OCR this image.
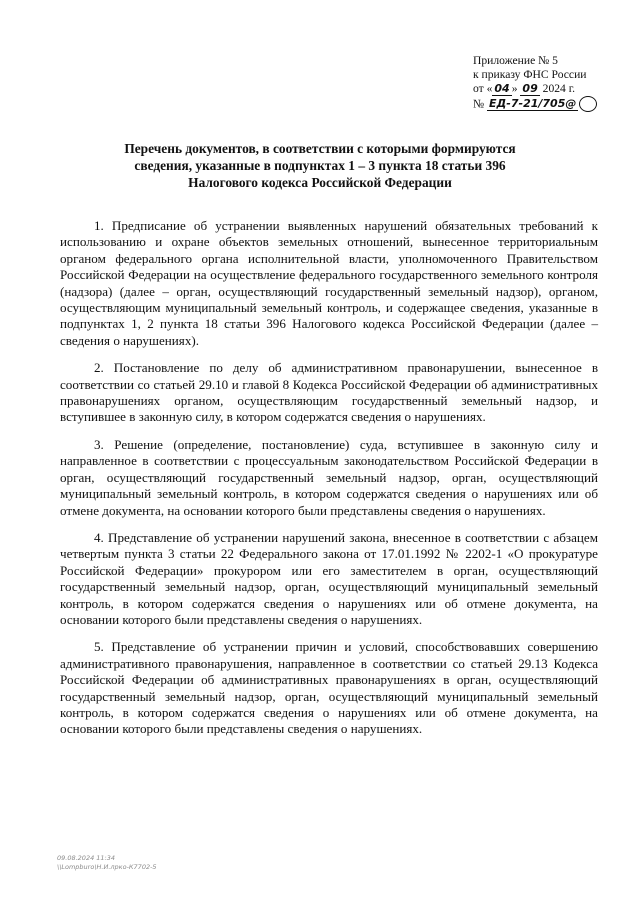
Приложение № 5
к приказу ФНС России
от « 04 » 09 2024 г.
№ ЕД-7-21/705@
Перечень документов, в соответствии с которыми формируются сведения, указанные в подпунктах 1 – 3 пункта 18 статьи 396 Налогового кодекса Российской Федерации

1. Предписание об устранении выявленных нарушений обязательных требований к использованию и охране объектов земельных отношений, вынесенное территориальным органом федерального органа исполнительной власти, уполномоченного Правительством Российской Федерации на осуществление федерального государственного земельного контроля (надзора) (далее – орган, осуществляющий государственный земельный надзор), органом, осуществляющим муниципальный земельный контроль, и содержащее сведения, указанные в подпунктах 1, 2 пункта 18 статьи 396 Налогового кодекса Российской Федерации (далее – сведения о нарушениях).

2. Постановление по делу об административном правонарушении, вынесенное в соответствии со статьей 29.10 и главой 8 Кодекса Российской Федерации об административных правонарушениях органом, осуществляющим государственный земельный надзор, и вступившее в законную силу, в котором содержатся сведения о нарушениях.

3. Решение (определение, постановление) суда, вступившее в законную силу и направленное в соответствии с процессуальным законодательством Российской Федерации в орган, осуществляющий государственный земельный надзор, орган, осуществляющий муниципальный земельный контроль, в котором содержатся сведения о нарушениях или об отмене документа, на основании которого были представлены сведения о нарушениях.

4. Представление об устранении нарушений закона, внесенное в соответствии с абзацем четвертым пункта 3 статьи 22 Федерального закона от 17.01.1992 № 2202-1 «О прокуратуре Российской Федерации» прокурором или его заместителем в орган, осуществляющий государственный земельный надзор, орган, осуществляющий муниципальный земельный контроль, в котором содержатся сведения о нарушениях или об отмене документа, на основании которого были представлены сведения о нарушениях.

5. Представление об устранении причин и условий, способствовавших совершению административного правонарушения, направленное в соответствии со статьей 29.13 Кодекса Российской Федерации об административных правонарушениях в орган, осуществляющий государственный земельный надзор, орган, осуществляющий муниципальный земельный контроль, в котором содержатся сведения о нарушениях или об отмене документа, на основании которого были представлены сведения о нарушениях.

09.08.2024 11:34
\\Lompburo\Н.И.лрко-К7702-5
